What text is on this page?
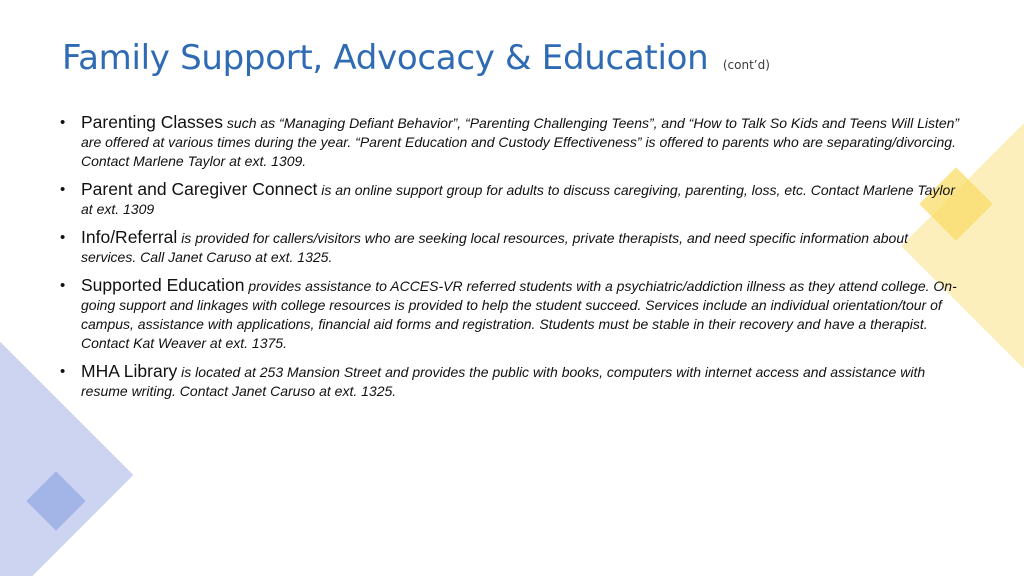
Family Support, Advocacy & Education (cont’d)
• Parenting Classes such as “Managing Defiant Behavior”, “Parenting Challenging Teens”, and “How to Talk So Kids and Teens Will Listen” are offered at various times during the year. “Parent Education and Custody Effectiveness” is offered to parents who are separating/divorcing. Contact Marlene Taylor at ext. 1309.
• Parent and Caregiver Connect is an online support group for adults to discuss caregiving, parenting, loss, etc. Contact Marlene Taylor at ext. 1309
• Info/Referral is provided for callers/visitors who are seeking local resources, private therapists, and need specific information about services. Call Janet Caruso at ext. 1325.
• Supported Education provides assistance to ACCES-VR referred students with a psychiatric/addiction illness as they attend college. On-going support and linkages with college resources is provided to help the student succeed. Services include an individual orientation/tour of campus, assistance with applications, financial aid forms and registration. Students must be stable in their recovery and have a therapist. Contact Kat Weaver at ext. 1375.
• MHA Library is located at 253 Mansion Street and provides the public with books, computers with internet access and assistance with resume writing. Contact Janet Caruso at ext. 1325.
